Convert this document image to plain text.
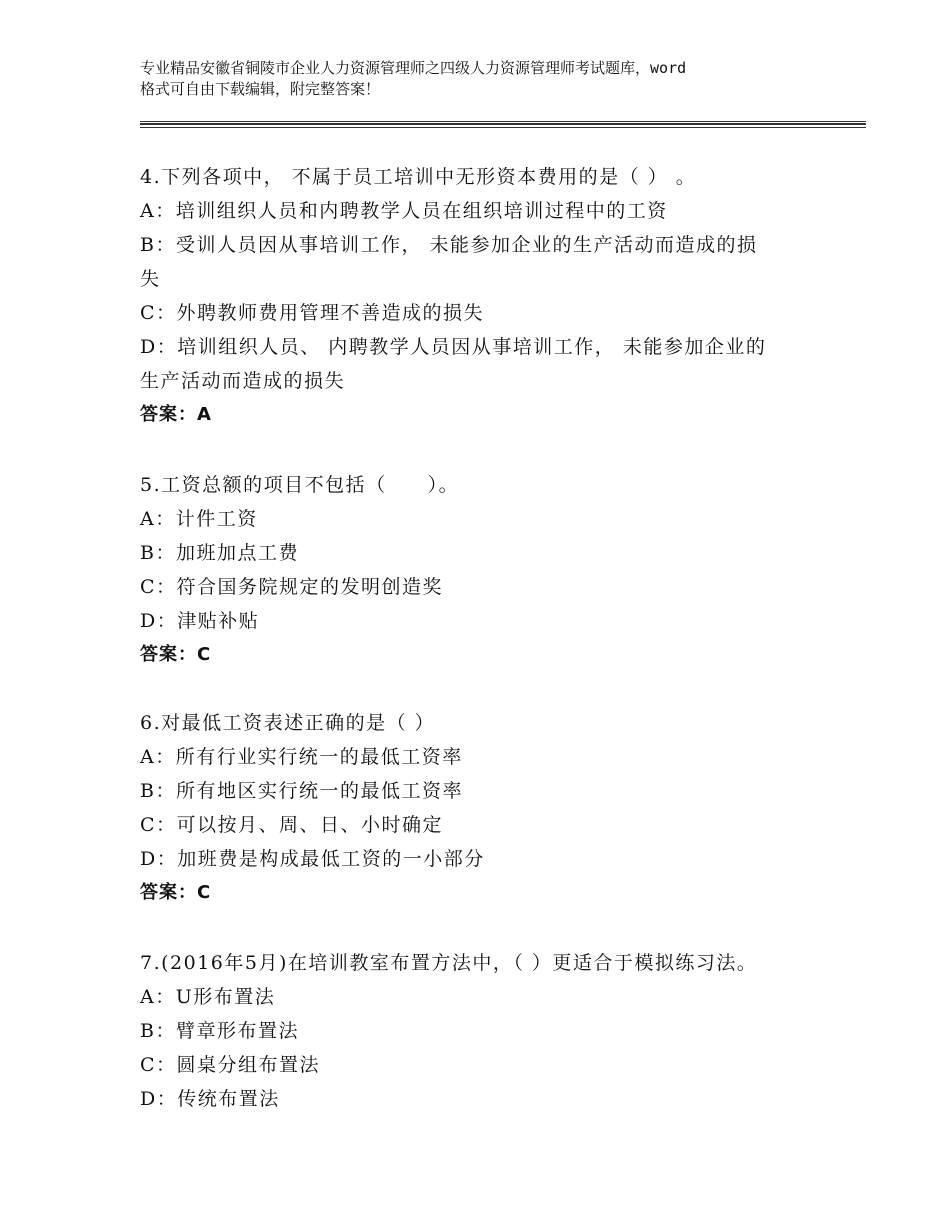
专业精品安徽省铜陵市企业人力资源管理师之四级人力资源管理师考试题库，word
格式可自由下载编辑，附完整答案！
4.下列各项中， 不属于员工培训中无形资本费用的是（ ） 。
A：培训组织人员和内聘教学人员在组织培训过程中的工资
B：受训人员因从事培训工作， 未能参加企业的生产活动而造成的损
失
C：外聘教师费用管理不善造成的损失
D：培训组织人员、 内聘教学人员因从事培训工作， 未能参加企业的
生产活动而造成的损失
答案：A
5.工资总额的项目不包括（　　）。
A：计件工资
B：加班加点工费
C：符合国务院规定的发明创造奖
D：津贴补贴
答案：C
6.对最低工资表述正确的是（ ）
A：所有行业实行统一的最低工资率
B：所有地区实行统一的最低工资率
C：可以按月、周、日、小时确定
D：加班费是构成最低工资的一小部分
答案：C
7.(2016年5月)在培训教室布置方法中，（ ）更适合于模拟练习法。
A：U形布置法
B：臂章形布置法
C：圆桌分组布置法
D：传统布置法
